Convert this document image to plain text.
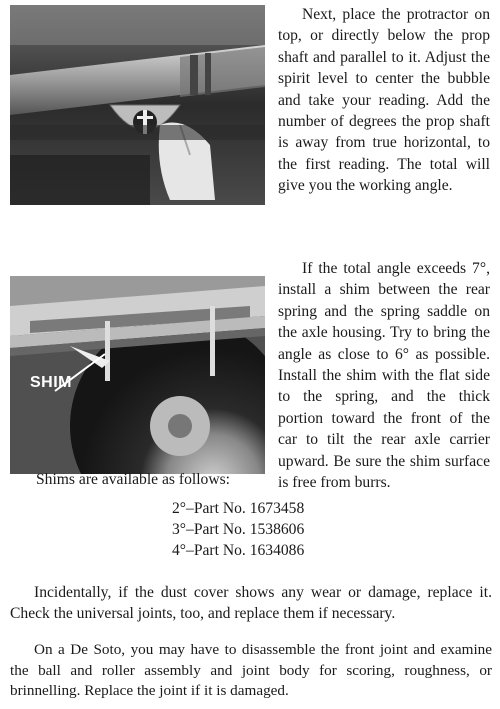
Next, place the protractor on top, or directly below the prop shaft and parallel to it. Adjust the spirit level to center the bubble and take your reading. Add the number of degrees the prop shaft is away from true horizontal, to the first reading. The total will give you the working angle.

SHIM

If the total angle exceeds 7°, install a shim between the rear spring and the spring saddle on the axle housing. Try to bring the angle as close to 6° as possible. Install the shim with the flat side to the spring, and the thick portion toward the front of the car to tilt the rear axle carrier upward. Be sure the shim surface is free from burrs.

Shims are available as follows:

2°–Part No. 1673458
3°–Part No. 1538606
4°–Part No. 1634086

Incidentally, if the dust cover shows any wear or damage, replace it. Check the universal joints, too, and replace them if necessary.

On a De Soto, you may have to disassemble the front joint and examine the ball and roller assembly and joint body for scoring, roughness, or brinnelling. Replace the joint if it is damaged.
